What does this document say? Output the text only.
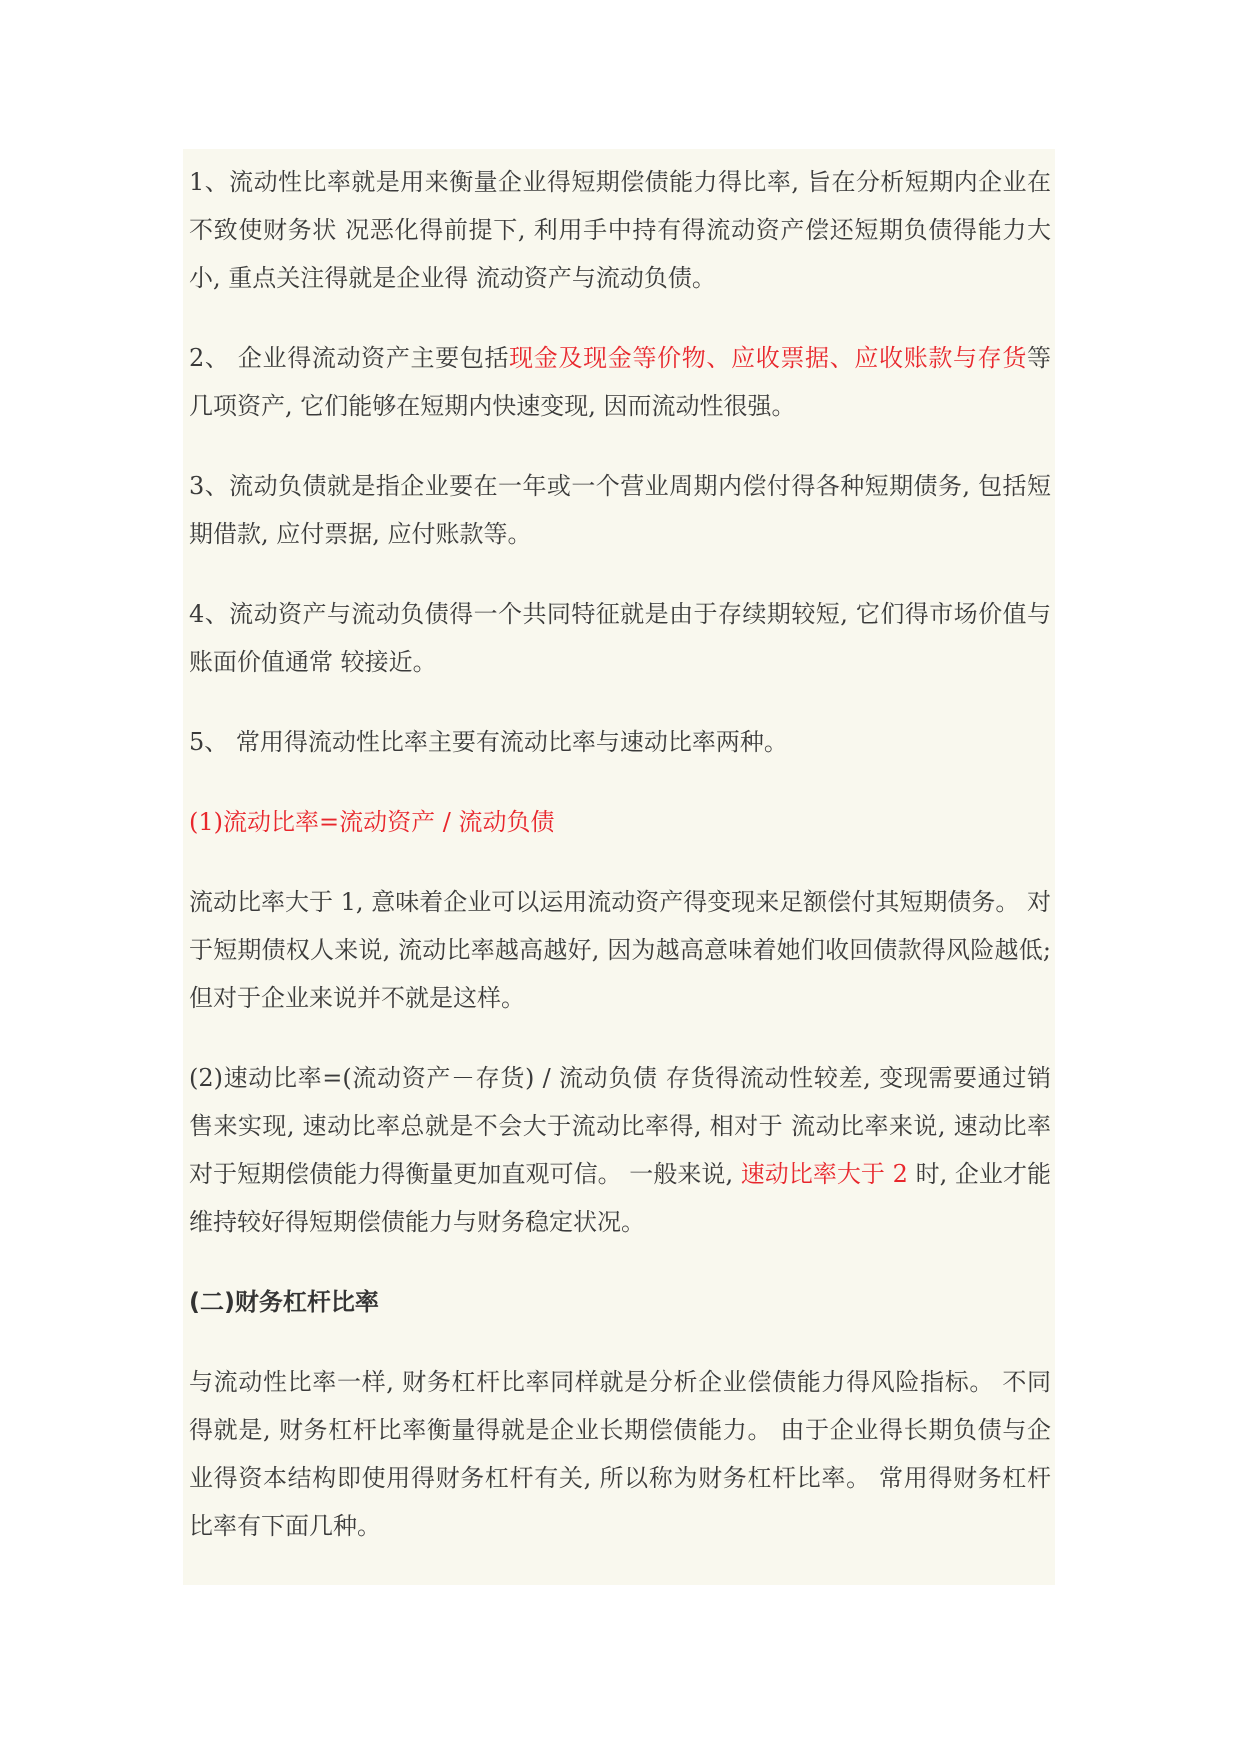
1、流动性比率就是用来衡量企业得短期偿债能力得比率, 旨在分析短期内企业在不致使财务状 况恶化得前提下, 利用手中持有得流动资产偿还短期负债得能力大小, 重点关注得就是企业得 流动资产与流动负债。

2、 企业得流动资产主要包括现金及现金等价物、应收票据、应收账款与存货等几项资产, 它们能够在短期内快速变现, 因而流动性很强。

3、流动负债就是指企业要在一年或一个营业周期内偿付得各种短期债务, 包括短期借款, 应付票据, 应付账款等。

4、流动资产与流动负债得一个共同特征就是由于存续期较短, 它们得市场价值与账面价值通常 较接近。

5、 常用得流动性比率主要有流动比率与速动比率两种。

(1)流动比率=流动资产 / 流动负债

流动比率大于 1, 意味着企业可以运用流动资产得变现来足额偿付其短期债务。 对于短期债权人来说, 流动比率越高越好, 因为越高意味着她们收回债款得风险越低; 但对于企业来说并不就是这样。

(2)速动比率=(流动资产－存货) / 流动负债 存货得流动性较差, 变现需要通过销售来实现, 速动比率总就是不会大于流动比率得, 相对于 流动比率来说, 速动比率对于短期偿债能力得衡量更加直观可信。 一般来说, 速动比率大于 2 时, 企业才能维持较好得短期偿债能力与财务稳定状况。

(二)财务杠杆比率

与流动性比率一样, 财务杠杆比率同样就是分析企业偿债能力得风险指标。 不同得就是, 财务杠杆比率衡量得就是企业长期偿债能力。 由于企业得长期负债与企业得资本结构即使用得财务杠杆有关, 所以称为财务杠杆比率。 常用得财务杠杆比率有下面几种。
